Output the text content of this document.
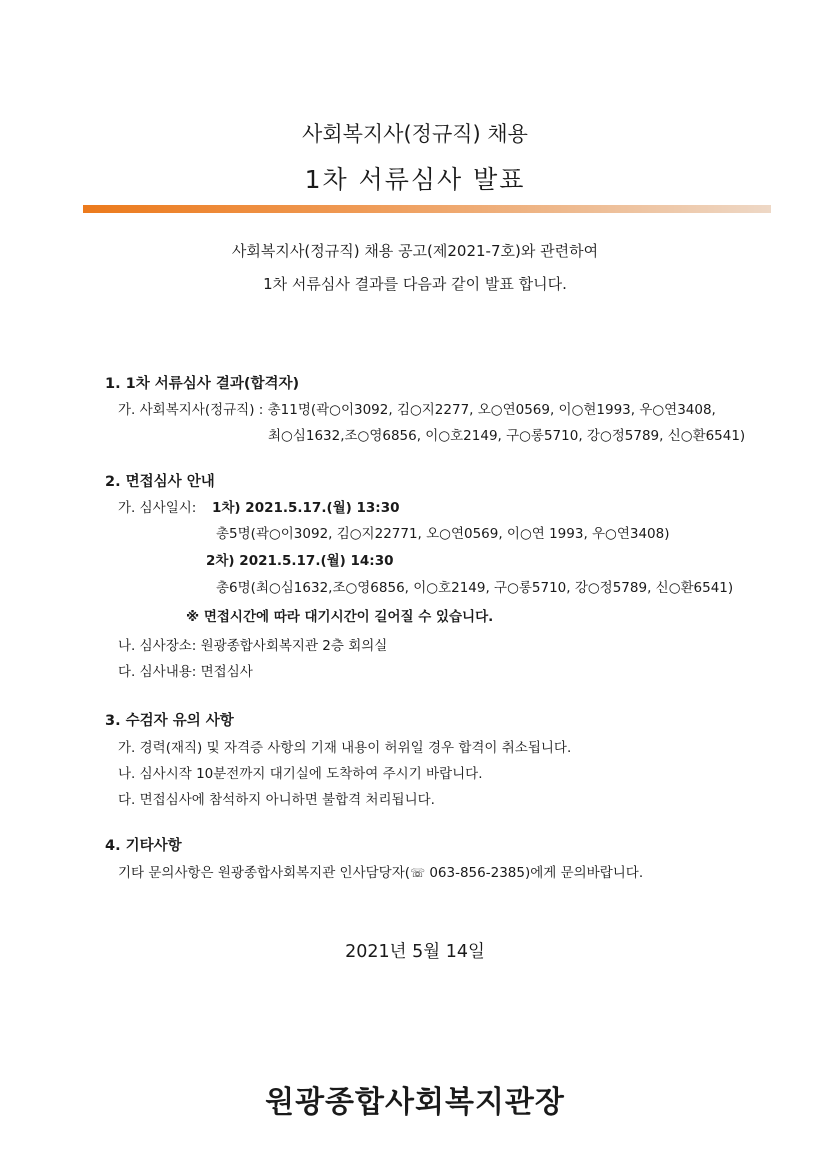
사회복지사(정규직) 채용
1차 서류심사 발표
사회복지사(정규직) 채용 공고(제2021-7호)와 관련하여
1차 서류심사 결과를 다음과 같이 발표 합니다.
1. 1차 서류심사 결과(합격자)
가. 사회복지사(정규직) : 총11명(곽○이3092, 김○지2277, 오○연0569, 이○현1993, 우○연3408,
최○심1632,조○영6856, 이○호2149, 구○롱5710, 강○정5789, 신○환6541)
2. 면접심사 안내
가. 심사일시: 1차) 2021.5.17.(월) 13:30
총5명(곽○이3092, 김○지22771, 오○연0569, 이○연 1993, 우○연3408)
2차) 2021.5.17.(월) 14:30
총6명(최○심1632,조○영6856, 이○호2149, 구○롱5710, 강○정5789, 신○환6541)
※ 면접시간에 따라 대기시간이 길어질 수 있습니다.
나. 심사장소: 원광종합사회복지관 2층 회의실
다. 심사내용: 면접심사
3. 수검자 유의 사항
가. 경력(재직) 및 자격증 사항의 기재 내용이 허위일 경우 합격이 취소됩니다.
나. 심사시작 10분전까지 대기실에 도착하여 주시기 바랍니다.
다. 면접심사에 참석하지 아니하면 불합격 처리됩니다.
4. 기타사항
기타 문의사항은 원광종합사회복지관 인사담당자(☏ 063-856-2385)에게 문의바랍니다.
2021년 5월 14일
원광종합사회복지관장
